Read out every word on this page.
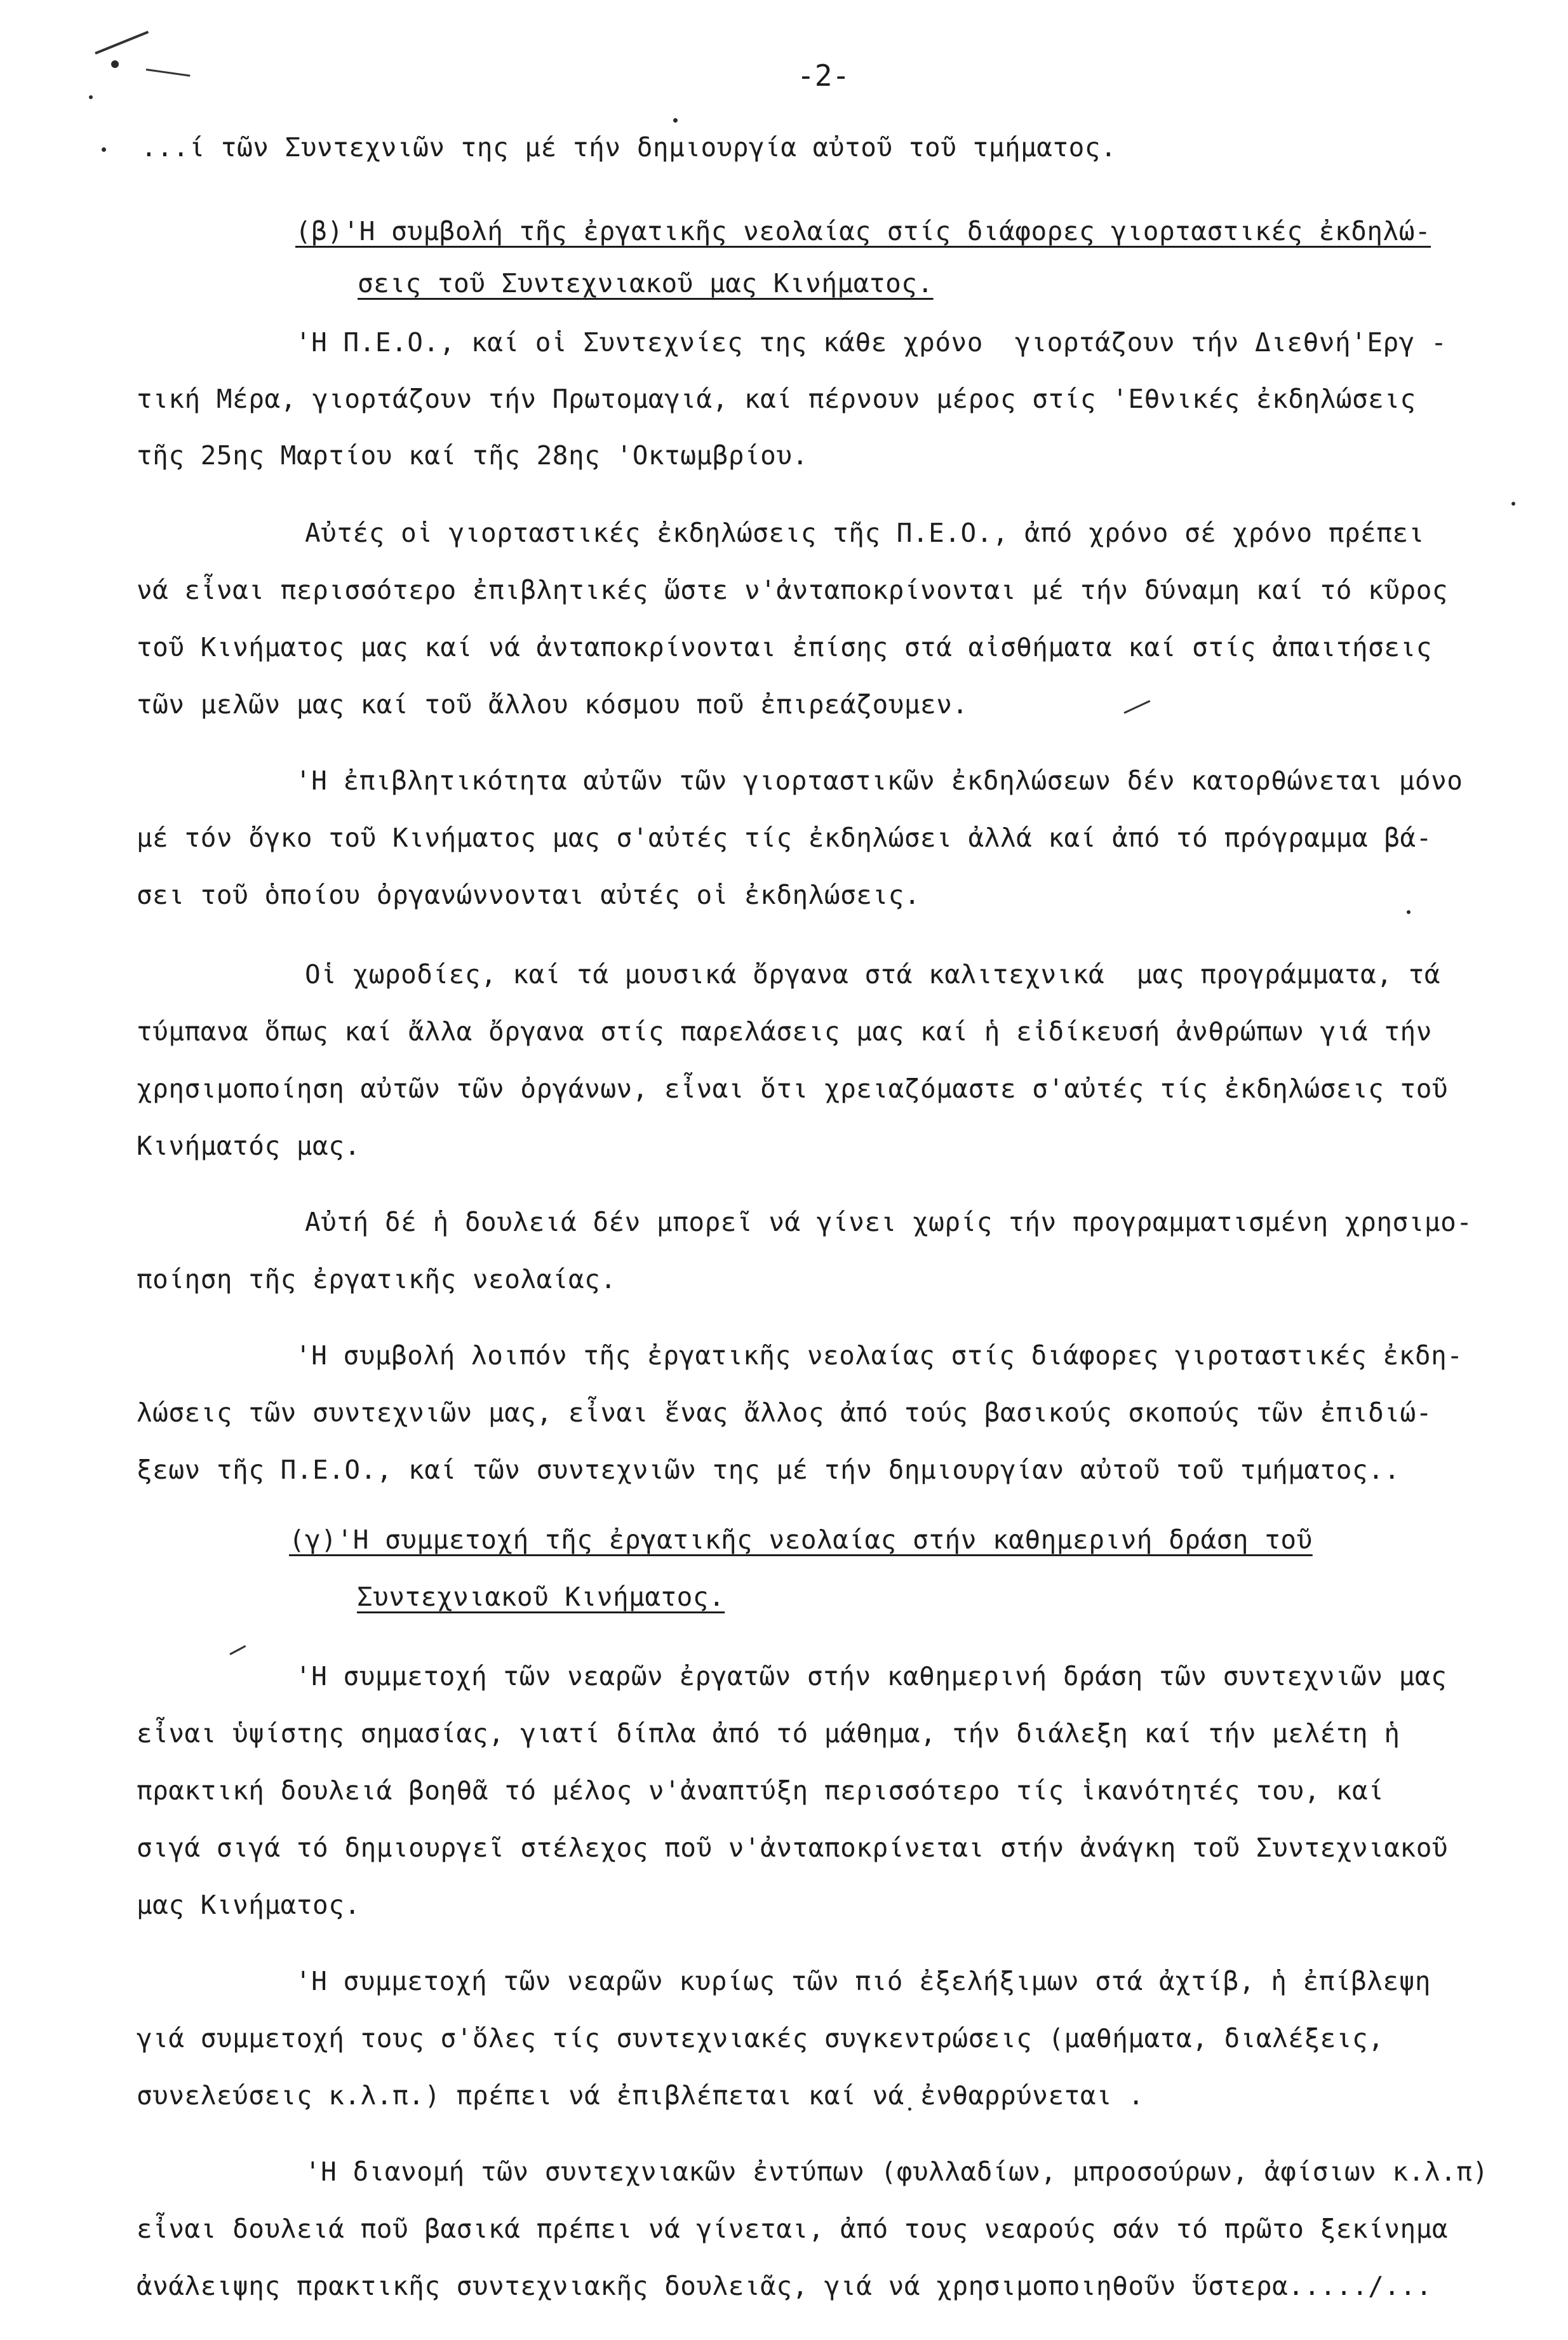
-2-
...ί τῶν Συντεχνιῶν της μέ τήν δημιουργία αὐτοῦ τοῦ τμήματος.
(β)'Η συμβολή τῆς ἐργατικῆς νεολαίας στίς διάφορες γιορταστικές ἐκδηλώ-
σεις τοῦ Συντεχνιακοῦ μας Κινήματος.
'Η Π.Ε.Ο., καί οἱ Συντεχνίες της κάθε χρόνο  γιορτάζουν τήν Διεθνή'Εργ -
τική Μέρα, γιορτάζουν τήν Πρωτομαγιά, καί πέρνουν μέρος στίς 'Εθνικές ἐκδηλώσεις
τῆς 25ης Μαρτίου καί τῆς 28ης 'Οκτωμβρίου.
Αὐτές οἱ γιορταστικές ἐκδηλώσεις τῆς Π.Ε.Ο., ἀπό χρόνο σέ χρόνο πρέπει
νά εἶναι περισσότερο ἐπιβλητικές ὥστε ν'ἀνταποκρίνονται μέ τήν δύναμη καί τό κῦρος
τοῦ Κινήματος μας καί νά ἀνταποκρίνονται ἐπίσης στά αἰσθήματα καί στίς ἀπαιτήσεις
τῶν μελῶν μας καί τοῦ ἄλλου κόσμου ποῦ ἐπιρεάζουμεν.
'Η ἐπιβλητικότητα αὐτῶν τῶν γιορταστικῶν ἐκδηλώσεων δέν κατορθώνεται μόνο
μέ τόν ὄγκο τοῦ Κινήματος μας σ'αὐτές τίς ἐκδηλώσει ἀλλά καί ἀπό τό πρόγραμμα βά-
σει τοῦ ὁποίου ὀργανώννονται αὐτές οἱ ἐκδηλώσεις.
Οἱ χωροδίες, καί τά μουσικά ὄργανα στά καλιτεχνικά  μας προγράμματα, τά
τύμπανα ὅπως καί ἄλλα ὄργανα στίς παρελάσεις μας καί ἡ εἰδίκευσή ἀνθρώπων γιά τήν
χρησιμοποίηση αὐτῶν τῶν ὀργάνων, εἶναι ὅτι χρειαζόμαστε σ'αὐτές τίς ἐκδηλώσεις τοῦ
Κινήματός μας.
Αὐτή δέ ἡ δουλειά δέν μπορεῖ νά γίνει χωρίς τήν προγραμματισμένη χρησιμο-
ποίηση τῆς ἐργατικῆς νεολαίας.
'Η συμβολή λοιπόν τῆς ἐργατικῆς νεολαίας στίς διάφορες γιροταστικές ἐκδη-
λώσεις τῶν συντεχνιῶν μας, εἶναι ἕνας ἄλλος ἀπό τούς βασικούς σκοπούς τῶν ἐπιδιώ-
ξεων τῆς Π.Ε.Ο., καί τῶν συντεχνιῶν της μέ τήν δημιουργίαν αὐτοῦ τοῦ τμήματος..
(γ)'Η συμμετοχή τῆς ἐργατικῆς νεολαίας στήν καθημερινή δράση τοῦ
Συντεχνιακοῦ Κινήματος.
'Η συμμετοχή τῶν νεαρῶν ἐργατῶν στήν καθημερινή δράση τῶν συντεχνιῶν μας
εἶναι ὑψίστης σημασίας, γιατί δίπλα ἀπό τό μάθημα, τήν διάλεξη καί τήν μελέτη ἡ
πρακτική δουλειά βοηθᾶ τό μέλος ν'ἀναπτύξη περισσότερο τίς ἱκανότητές του, καί
σιγά σιγά τό δημιουργεῖ στέλεχος ποῦ ν'ἀνταποκρίνεται στήν ἀνάγκη τοῦ Συντεχνιακοῦ
μας Κινήματος.
'Η συμμετοχή τῶν νεαρῶν κυρίως τῶν πιό ἐξελήξιμων στά ἀχτίβ, ἡ ἐπίβλεψη
γιά συμμετοχή τους σ'ὅλες τίς συντεχνιακές συγκεντρώσεις (μαθήματα, διαλέξεις,
συνελεύσεις κ.λ.π.) πρέπει νά ἐπιβλέπεται καί νά ἐνθαρρύνεται .
'Η διανομή τῶν συντεχνιακῶν ἐντύπων (φυλλαδίων, μπροσούρων, ἀφίσιων κ.λ.π)
εἶναι δουλειά ποῦ βασικά πρέπει νά γίνεται, ἀπό τους νεαρούς σάν τό πρῶτο ξεκίνημα
ἀνάλειψης πρακτικῆς συντεχνιακῆς δουλειᾶς, γιά νά χρησιμοποιηθοῦν ὕστερα...../...
